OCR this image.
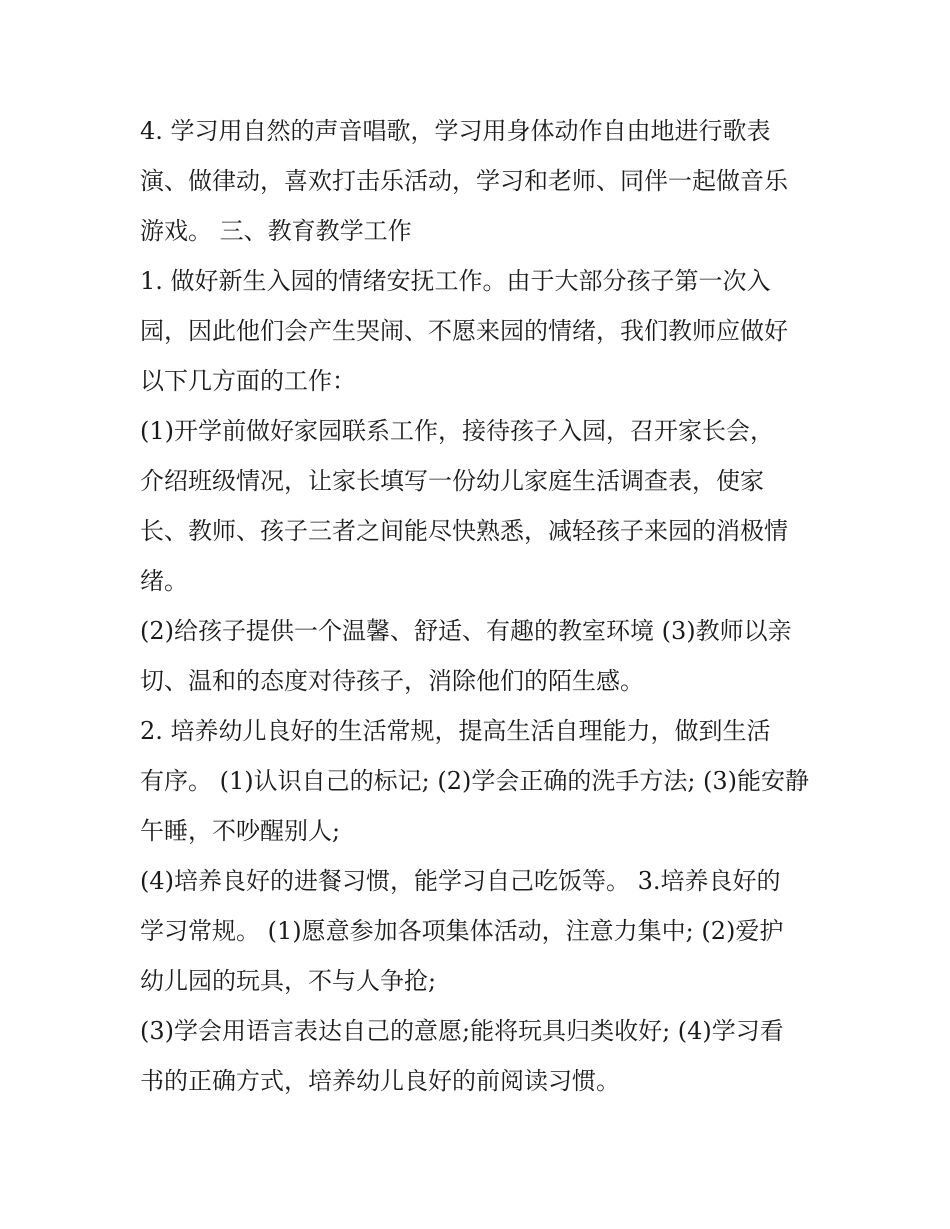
4. 学习用自然的声音唱歌，学习用身体动作自由地进行歌表
演、做律动，喜欢打击乐活动，学习和老师、同伴一起做音乐
游戏。 三、教育教学工作
1. 做好新生入园的情绪安抚工作。由于大部分孩子第一次入
园，因此他们会产生哭闹、不愿来园的情绪，我们教师应做好
以下几方面的工作：
(1)开学前做好家园联系工作，接待孩子入园，召开家长会，
介绍班级情况，让家长填写一份幼儿家庭生活调查表，使家
长、教师、孩子三者之间能尽快熟悉，减轻孩子来园的消极情
绪。
(2)给孩子提供一个温馨、舒适、有趣的教室环境 (3)教师以亲
切、温和的态度对待孩子，消除他们的陌生感。
2. 培养幼儿良好的生活常规，提高生活自理能力，做到生活
有序。 (1)认识自己的标记; (2)学会正确的洗手方法; (3)能安静
午睡，不吵醒别人;
(4)培养良好的进餐习惯，能学习自己吃饭等。 3.培养良好的
学习常规。 (1)愿意参加各项集体活动，注意力集中; (2)爱护
幼儿园的玩具，不与人争抢;
(3)学会用语言表达自己的意愿;能将玩具归类收好; (4)学习看
书的正确方式，培养幼儿良好的前阅读习惯。
